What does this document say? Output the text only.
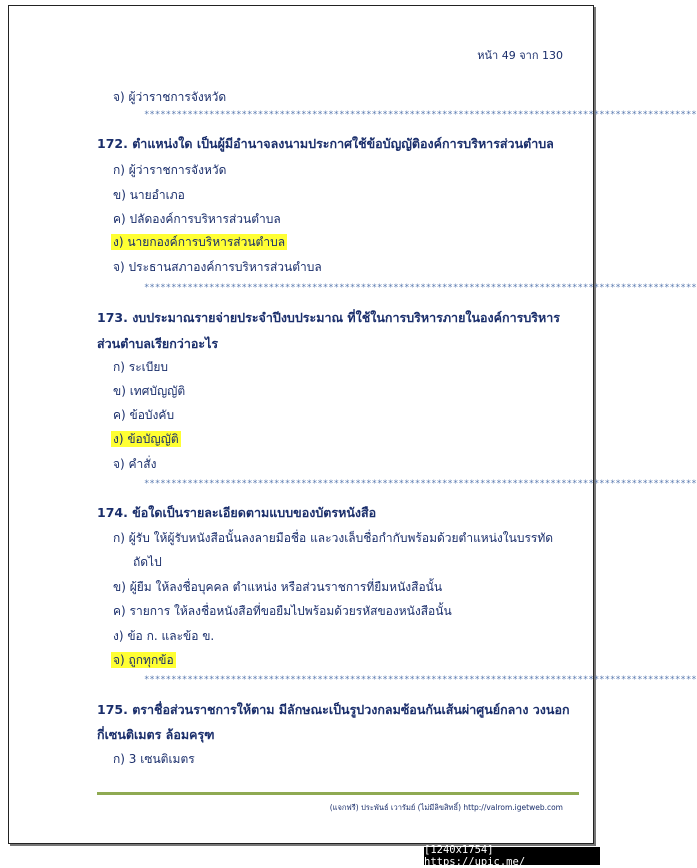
หน้า 49 จาก 130
จ) ผู้ว่าราชการจังหวัด
******************************************************************************************************
172. ตำแหน่งใด เป็นผู้มีอำนาจลงนามประกาศใช้ข้อบัญญัติองค์การบริหารส่วนตำบล
ก) ผู้ว่าราชการจังหวัด
ข) นายอำเภอ
ค) ปลัดองค์การบริหารส่วนตำบล
ง) นายกองค์การบริหารส่วนตำบล
จ) ประธานสภาองค์การบริหารส่วนตำบล
******************************************************************************************************
173. งบประมาณรายจ่ายประจำปีงบประมาณ ที่ใช้ในการบริหารภายในองค์การบริหาร
ส่วนตำบลเรียกว่าอะไร
ก) ระเบียบ
ข) เทศบัญญัติ
ค) ข้อบังคับ
ง) ข้อบัญญัติ
จ) คำสั่ง
******************************************************************************************************
174. ข้อใดเป็นรายละเอียดตามแบบของบัตรหนังสือ
ก) ผู้รับ ให้ผู้รับหนังสือนั้นลงลายมือชื่อ และวงเล็บชื่อกำกับพร้อมด้วยตำแหน่งในบรรทัด
ถัดไป
ข) ผู้ยืม ให้ลงชื่อบุคคล ตำแหน่ง หรือส่วนราชการที่ยืมหนังสือนั้น
ค) รายการ ให้ลงชื่อหนังสือที่ขอยืมไปพร้อมด้วยรหัสของหนังสือนั้น
ง) ข้อ ก. และข้อ ข.
จ) ถูกทุกข้อ
******************************************************************************************************
175. ตราชื่อส่วนราชการให้ตาม มีลักษณะเป็นรูปวงกลมซ้อนกันเส้นผ่าศูนย์กลาง วงนอก
กี่เซนติเมตร ล้อมครุฑ
ก) 3 เซนติเมตร
(แจกฟรี) ประพันธ์ เวารัมย์ (ไม่มีลิขสิทธิ์) http://valrom.igetweb.com
[1240x1754] https://upic.me/
